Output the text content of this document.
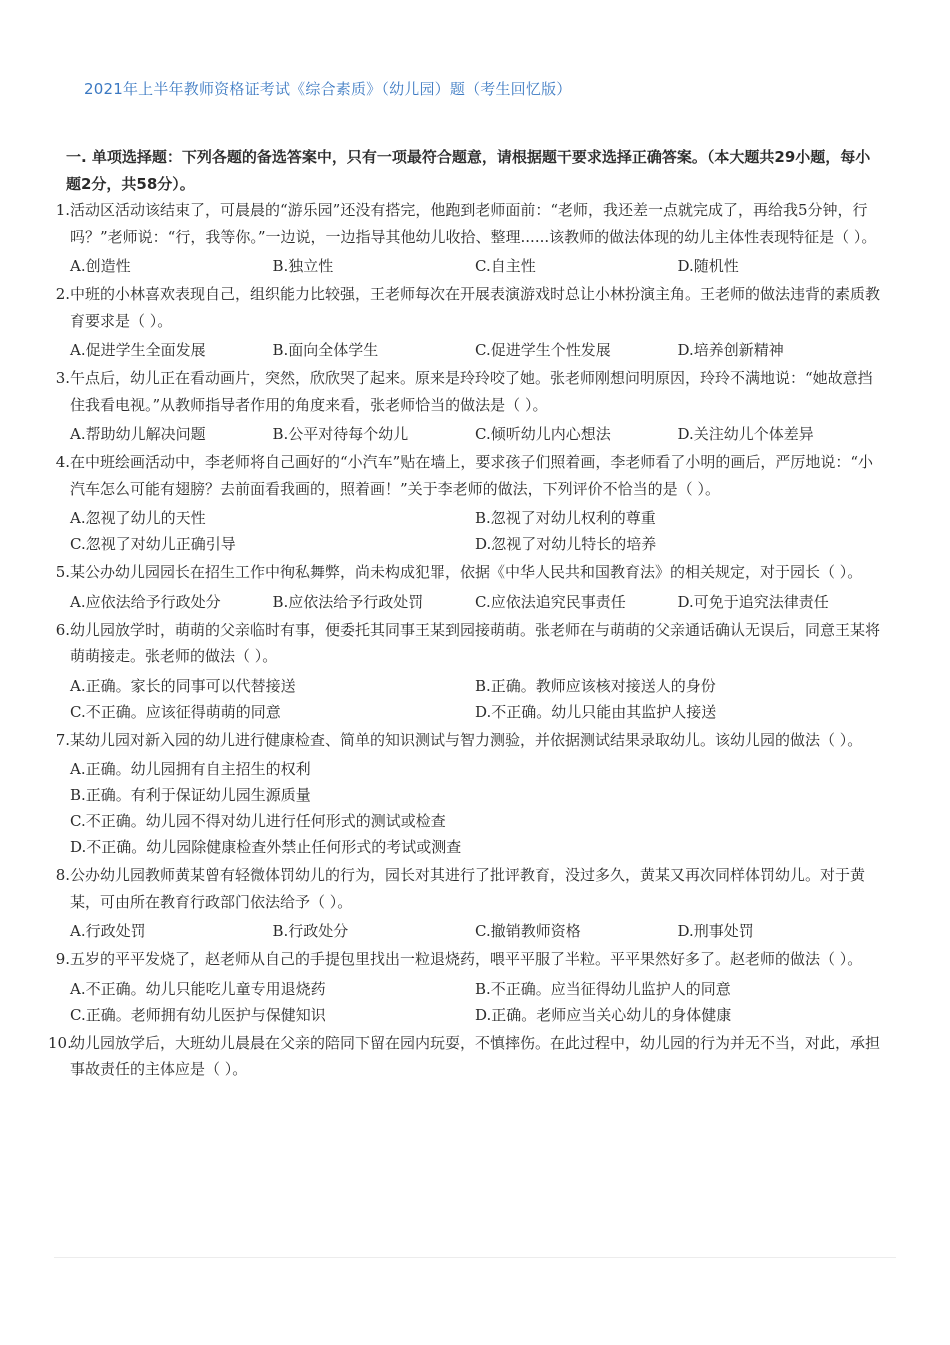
2021年上半年教师资格证考试《综合素质》（幼儿园）题（考生回忆版）
一. 单项选择题：下列各题的备选答案中，只有一项最符合题意，请根据题干要求选择正确答案。（本大题共29小题，每小题2分，共58分）。
1. 活动区活动该结束了，可晨晨的“游乐园”还没有搭完，他跑到老师面前：“老师，我还差一点就完成了，再给我5分钟，行吗？”老师说：“行，我等你。”一边说，一边指导其他幼儿收拾、整理......该教师的做法体现的幼儿主体性表现特征是（ ）。
A.创造性	B.独立性	C.自主性	D.随机性
2. 中班的小林喜欢表现自己，组织能力比较强，王老师每次在开展表演游戏时总让小林扮演主角。王老师的做法违背的素质教育要求是（ ）。
A.促进学生全面发展	B.面向全体学生	C.促进学生个性发展	D.培养创新精神
3. 午点后，幼儿正在看动画片，突然，欣欣哭了起来。原来是玲玲咬了她。张老师刚想问明原因，玲玲不满地说：“她故意挡住我看电视。”从教师指导者作用的角度来看，张老师恰当的做法是（ ）。
A.帮助幼儿解决问题	B.公平对待每个幼儿	C.倾听幼儿内心想法	D.关注幼儿个体差异
4. 在中班绘画活动中，李老师将自己画好的“小汽车”贴在墙上，要求孩子们照着画，李老师看了小明的画后，严厉地说：“小汽车怎么可能有翅膀？去前面看我画的，照着画！”关于李老师的做法，下列评价不恰当的是（ ）。
A.忽视了幼儿的天性	B.忽视了对幼儿权利的尊重
C.忽视了对幼儿正确引导	D.忽视了对幼儿特长的培养
5. 某公办幼儿园园长在招生工作中徇私舞弊，尚未构成犯罪，依据《中华人民共和国教育法》的相关规定，对于园长（ ）。
A.应依法给予行政处分	B.应依法给予行政处罚	C.应依法追究民事责任	D.可免于追究法律责任
6. 幼儿园放学时，萌萌的父亲临时有事，便委托其同事王某到园接萌萌。张老师在与萌萌的父亲通话确认无误后，同意王某将萌萌接走。张老师的做法（ ）。
A.正确。家长的同事可以代替接送	B.正确。教师应该核对接送人的身份
C.不正确。应该征得萌萌的同意	D.不正确。幼儿只能由其监护人接送
7. 某幼儿园对新入园的幼儿进行健康检查、简单的知识测试与智力测验，并依据测试结果录取幼儿。该幼儿园的做法（ ）。
A.正确。幼儿园拥有自主招生的权利
B.正确。有利于保证幼儿园生源质量
C.不正确。幼儿园不得对幼儿进行任何形式的测试或检查
D.不正确。幼儿园除健康检查外禁止任何形式的考试或测查
8. 公办幼儿园教师黄某曾有轻微体罚幼儿的行为，园长对其进行了批评教育，没过多久，黄某又再次同样体罚幼儿。对于黄某，可由所在教育行政部门依法给予（ ）。
A.行政处罚	B.行政处分	C.撤销教师资格	D.刑事处罚
9. 五岁的平平发烧了，赵老师从自己的手提包里找出一粒退烧药，喂平平服了半粒。平平果然好多了。赵老师的做法（ ）。
A.不正确。幼儿只能吃儿童专用退烧药	B.不正确。应当征得幼儿监护人的同意
C.正确。老师拥有幼儿医护与保健知识	D.正确。老师应当关心幼儿的身体健康
10.
幼儿园放学后，大班幼儿晨晨在父亲的陪同下留在园内玩耍，不慎摔伤。在此过程中，幼儿园的行为并无不当，对此，承担事故责任的主体应是（ ）。
